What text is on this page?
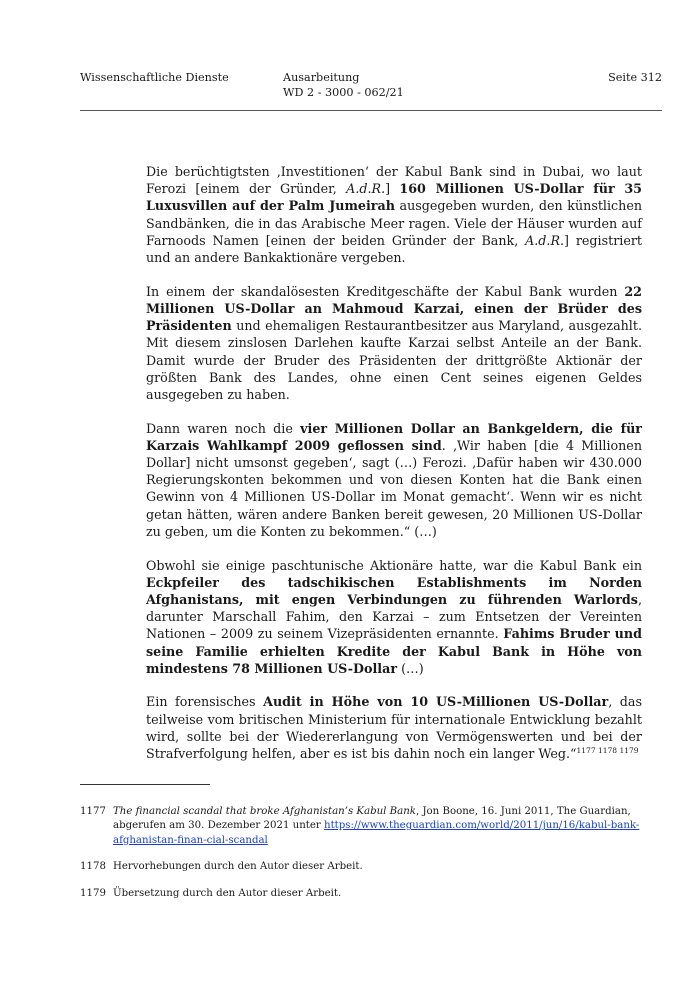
Wissenschaftliche Dienste	Ausarbeitung
WD 2 - 3000 - 062/21
Seite 312

Die berüchtigtsten ‚Investitionen‘ der Kabul Bank sind in Dubai, wo laut Ferozi [einem der Gründer, A.d.R.] 160 Millionen US-Dollar für 35 Luxusvillen auf der Palm Jumeirah ausgegeben wurden, den künstlichen Sandbänken, die in das Arabische Meer ragen. Viele der Häuser wurden auf Farnoods Namen [einen der beiden Gründer der Bank, A.d.R.] registriert und an andere Bankaktionäre vergeben.

In einem der skandalösesten Kreditgeschäfte der Kabul Bank wurden 22 Millionen US-Dollar an Mahmoud Karzai, einen der Brüder des Präsidenten und ehemaligen Restaurantbesitzer aus Maryland, ausgezahlt. Mit diesem zinslosen Darlehen kaufte Karzai selbst Anteile an der Bank. Damit wurde der Bruder des Präsidenten der drittgrößte Aktionär der größten Bank des Landes, ohne einen Cent seines eigenen Geldes ausgegeben zu haben.

Dann waren noch die vier Millionen Dollar an Bankgeldern, die für Karzais Wahlkampf 2009 geflossen sind. ‚Wir haben [die 4 Millionen Dollar] nicht umsonst gegeben‘, sagt (…) Ferozi. ‚Dafür haben wir 430.000 Regierungskonten bekommen und von diesen Konten hat die Bank einen Gewinn von 4 Millionen US-Dollar im Monat gemacht‘. Wenn wir es nicht getan hätten, wären andere Banken bereit gewesen, 20 Millionen US-Dollar zu geben, um die Konten zu bekommen.“ (…)

Obwohl sie einige paschtunische Aktionäre hatte, war die Kabul Bank ein Eckpfeiler des tadschikischen Establishments im Norden Afghanistans, mit engen Verbindungen zu führenden Warlords, darunter Marschall Fahim, den Karzai – zum Entsetzen der Vereinten Nationen – 2009 zu seinem Vizepräsidenten ernannte. Fahims Bruder und seine Familie erhielten Kredite der Kabul Bank in Höhe von mindestens 78 Millionen US-Dollar (…)

Ein forensisches Audit in Höhe von 10 US-Millionen US-Dollar, das teilweise vom britischen Ministerium für internationale Entwicklung bezahlt wird, sollte bei der Wiedererlangung von Vermögenswerten und bei der Strafverfolgung helfen, aber es ist bis dahin noch ein langer Weg.“$^{1177 1178 1179}$

1177 The financial scandal that broke Afghanistan’s Kabul Bank, Jon Boone, 16. Juni 2011, The Guardian, abgerufen am 30. Dezember 2021 unter https://www.theguardian.com/world/2011/jun/16/kabul-bank-afghanistan-finan-cial-scandal
1178 Hervorhebungen durch den Autor dieser Arbeit.
1179 Übersetzung durch den Autor dieser Arbeit.
